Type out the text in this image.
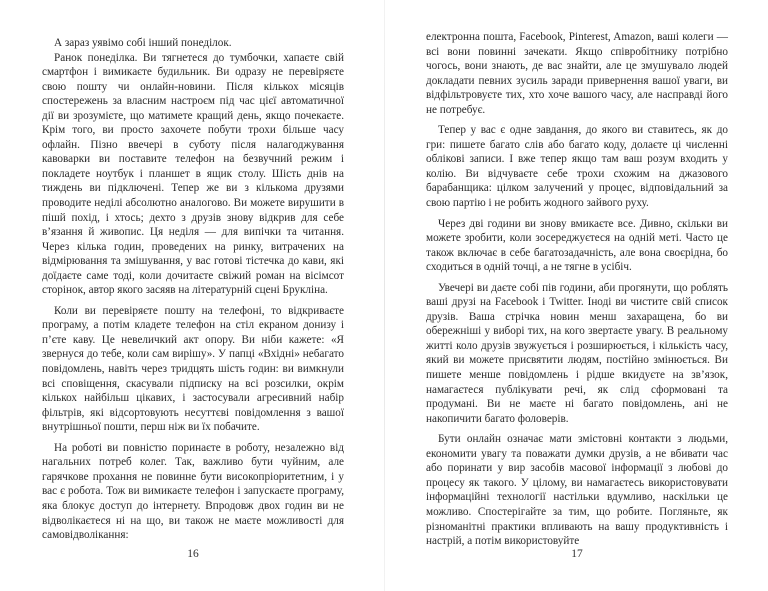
А зараз уявімо собі інший понеділок.

Ранок понеділка. Ви тягнетеся до тумбочки, хапаєте свій смартфон і вимикаєте будильник. Ви одразу не перевіряєте свою пошту чи онлайн-новини. Після кількох місяців спостережень за власним настроєм під час цієї автоматичної дії ви зрозумієте, що матимете кращий день, якщо почекаєте. Крім того, ви просто захочете побути трохи більше часу офлайн. Пізно ввечері в суботу після налагоджування кавоварки ви поставите телефон на безвучний режим і покладете ноутбук і планшет в ящик столу. Шість днів на тиждень ви підключені. Тепер же ви з кількома друзями проводите неділі абсолютно аналогово. Ви можете вирушити в пішй похід, і хтось; дехто з друзів знову відкрив для себе в’язання й живопис. Ця неділя — для випічки та читання. Через кілька годин, проведених на ринку, витрачених на відмірювання та змішування, у вас готові тістечка до кави, які доїдаєте саме тоді, коли дочитаєте свіжий роман на вісімсот сторінок, автор якого засяяв на літературній сцені Брукліна.

Коли ви перевіряєте пошту на телефоні, то відкриваєте програму, а потім кладете телефон на стіл екраном донизу і п’єте каву. Це невеличкий акт опору. Ви ніби кажете: «Я звернуся до тебе, коли сам вирішу». У папці «Вхідні» небагато повідомлень, навіть через тридцять шість годин: ви вимкнули всі сповіщення, скасували підписку на всі розсилки, окрім кількох найбільш цікавих, і застосували агресивний набір фільтрів, які відсортовують несуттєві повідомлення з вашої внутрішньої пошти, перш ніж ви їх побачите.

На роботі ви повністю поринаєте в роботу, незалежно від нагальних потреб колег. Так, важливо бути чуйним, але гарячкове прохання не повинне бути високопріоритетним, і у вас є робота. Тож ви вимикаєте телефон і запускаєте програму, яка блокує доступ до інтернету. Впродовж двох годин ви не відволікаєтеся ні на що, ви також не маєте можливості для самовідволікання:

16

електронна пошта, Facebook, Pinterest, Amazon, ваші колеги — всі вони повинні зачекати. Якщо співробітнику потрібно чогось, вони знають, де вас знайти, але це змушувало людей докладати певних зусиль заради привернення вашої уваги, ви відфільтровуєте тих, хто хоче вашого часу, але насправді його не потребує.

Тепер у вас є одне завдання, до якого ви ставитесь, як до гри: пишете багато слів або багато коду, долаєте ці численні облікові записи. І вже тепер якщо там ваш розум входить у колію. Ви відчуваєте себе трохи схожим на джазового барабанщика: цілком залучений у процес, відповідальний за свою партію і не робить жодного зайвого руху.

Через дві години ви знову вмикаєте все. Дивно, скільки ви можете зробити, коли зосереджуєтеся на одній меті. Часто це також включає в себе багатозадачність, але вона своєрідна, бо сходиться в одній точці, а не тягне в усібіч.

Увечері ви даєте собі пів години, аби прогянути, що роблять ваші друзі на Facebook і Twitter. Іноді ви чистите свій список друзів. Ваша стрічка новин менш захаращена, бо ви обережніші у виборі тих, на кого звертаєте увагу. В реальному житті коло друзів звужується і розширюється, і кількість часу, який ви можете присвятити людям, постійно змінюється. Ви пишете менше повідомлень і рідше вкидуєте на зв’язок, намагаєтеся публікувати речі, як слід сформовані та продумані. Ви не маєте ні багато повідомлень, ані не накопичити багато фоловерів.

Бути онлайн означає мати змістовні контакти з людьми, економити увагу та поважати думки друзів, а не вбивати час або поринати у вир засобів масової інформації з любові до процесу як такого. У цілому, ви намагаєтесь використовувати інформаційні технології настільки вдумливо, наскільки це можливо. Спостерігайте за тим, що робите. Погляньте, як різноманітні практики впливають на вашу продуктивність і настрій, а потім використовуйте

17
